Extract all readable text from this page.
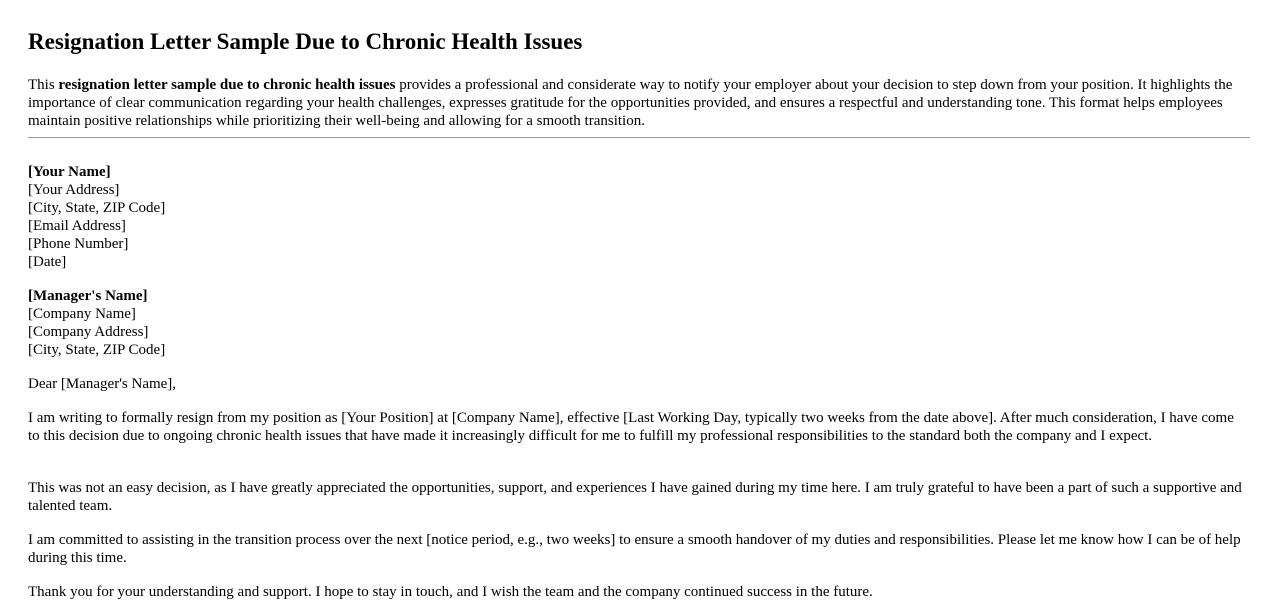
Resignation Letter Sample Due to Chronic Health Issues

This resignation letter sample due to chronic health issues provides a professional and considerate way to notify your employer about your decision to step down from your position. It highlights the importance of clear communication regarding your health challenges, expresses gratitude for the opportunities provided, and ensures a respectful and understanding tone. This format helps employees maintain positive relationships while prioritizing their well-being and allowing for a smooth transition.

[Your Name]
[Your Address]
[City, State, ZIP Code]
[Email Address]
[Phone Number]
[Date]
[Manager's Name]
[Company Name]
[Company Address]
[City, State, ZIP Code]

Dear [Manager's Name],

I am writing to formally resign from my position as [Your Position] at [Company Name], effective [Last Working Day, typically two weeks from the date above]. After much consideration, I have come to this decision due to ongoing chronic health issues that have made it increasingly difficult for me to fulfill my professional responsibilities to the standard both the company and I expect.

This was not an easy decision, as I have greatly appreciated the opportunities, support, and experiences I have gained during my time here. I am truly grateful to have been a part of such a supportive and talented team.

I am committed to assisting in the transition process over the next [notice period, e.g., two weeks] to ensure a smooth handover of my duties and responsibilities. Please let me know how I can be of help during this time.

Thank you for your understanding and support. I hope to stay in touch, and I wish the team and the company continued success in the future.
